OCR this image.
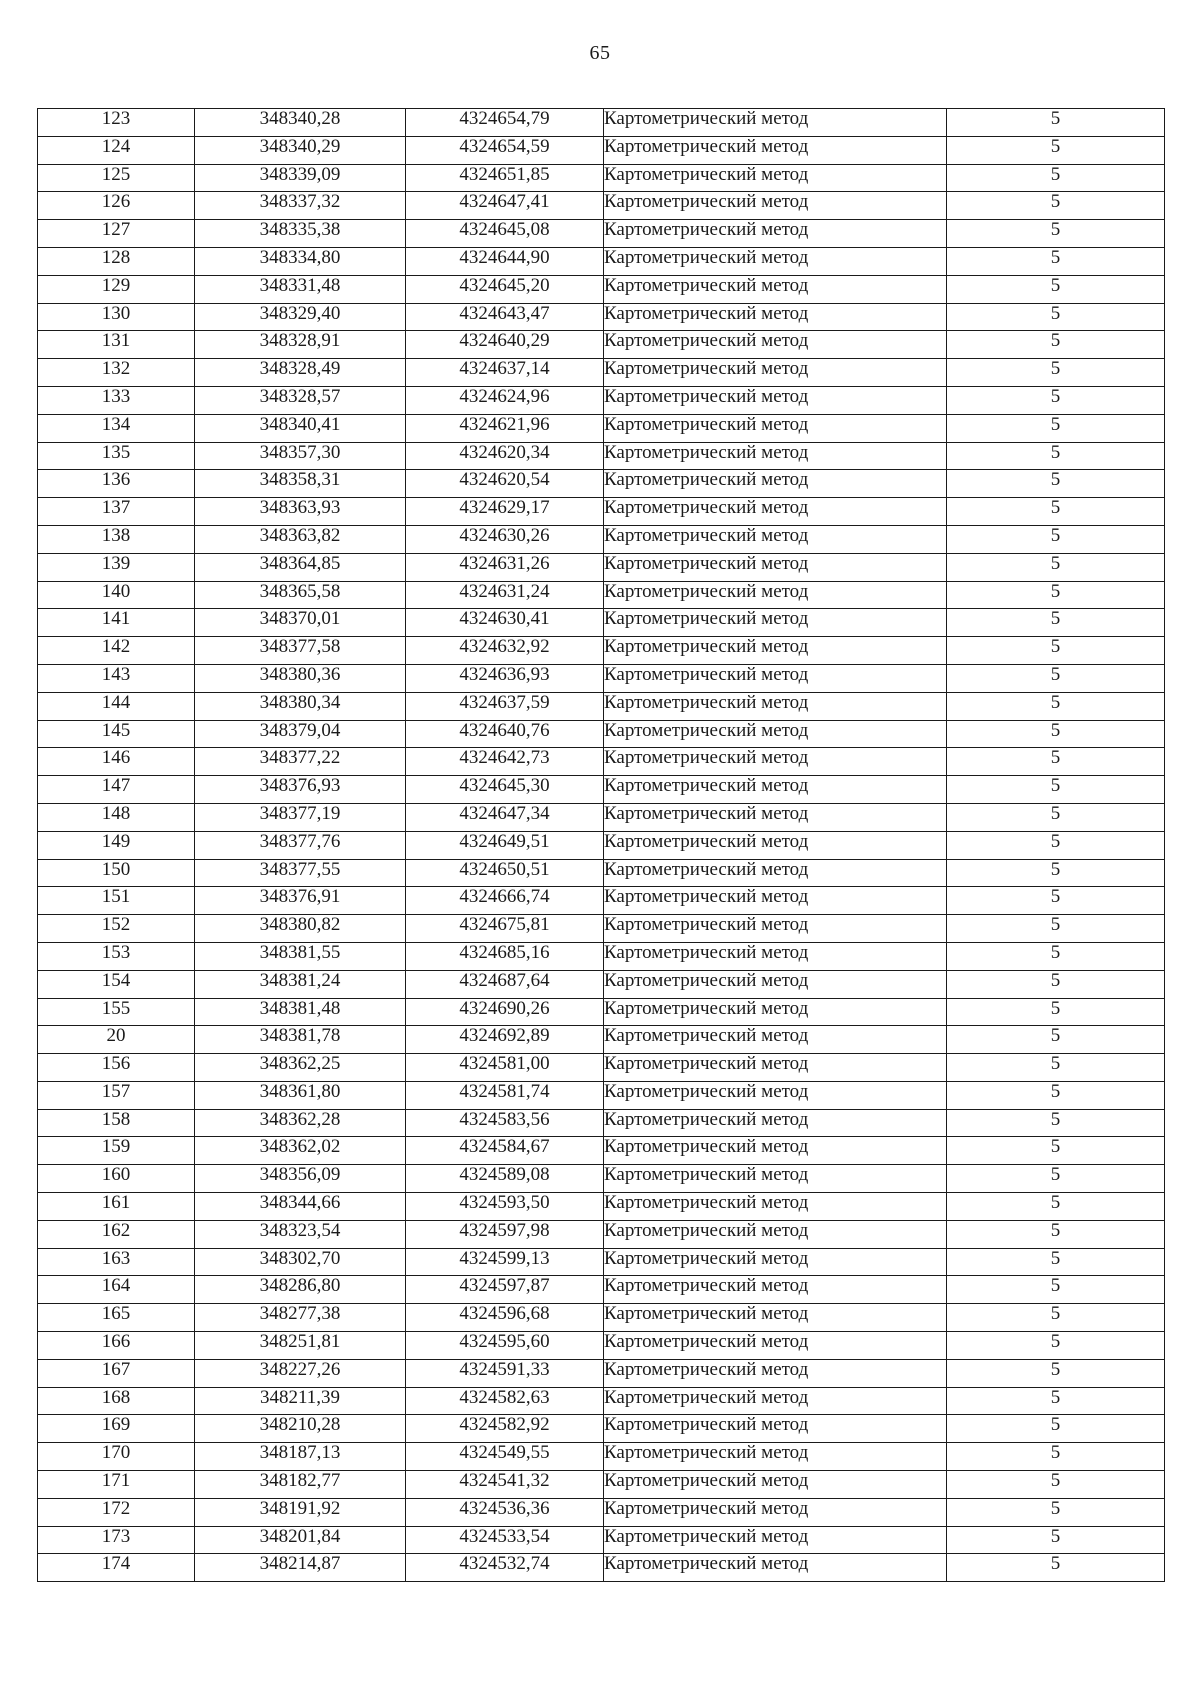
65
123	348340,28	4324654,79	Картометрический метод	5
124	348340,29	4324654,59	Картометрический метод	5
125	348339,09	4324651,85	Картометрический метод	5
126	348337,32	4324647,41	Картометрический метод	5
127	348335,38	4324645,08	Картометрический метод	5
128	348334,80	4324644,90	Картометрический метод	5
129	348331,48	4324645,20	Картометрический метод	5
130	348329,40	4324643,47	Картометрический метод	5
131	348328,91	4324640,29	Картометрический метод	5
132	348328,49	4324637,14	Картометрический метод	5
133	348328,57	4324624,96	Картометрический метод	5
134	348340,41	4324621,96	Картометрический метод	5
135	348357,30	4324620,34	Картометрический метод	5
136	348358,31	4324620,54	Картометрический метод	5
137	348363,93	4324629,17	Картометрический метод	5
138	348363,82	4324630,26	Картометрический метод	5
139	348364,85	4324631,26	Картометрический метод	5
140	348365,58	4324631,24	Картометрический метод	5
141	348370,01	4324630,41	Картометрический метод	5
142	348377,58	4324632,92	Картометрический метод	5
143	348380,36	4324636,93	Картометрический метод	5
144	348380,34	4324637,59	Картометрический метод	5
145	348379,04	4324640,76	Картометрический метод	5
146	348377,22	4324642,73	Картометрический метод	5
147	348376,93	4324645,30	Картометрический метод	5
148	348377,19	4324647,34	Картометрический метод	5
149	348377,76	4324649,51	Картометрический метод	5
150	348377,55	4324650,51	Картометрический метод	5
151	348376,91	4324666,74	Картометрический метод	5
152	348380,82	4324675,81	Картометрический метод	5
153	348381,55	4324685,16	Картометрический метод	5
154	348381,24	4324687,64	Картометрический метод	5
155	348381,48	4324690,26	Картометрический метод	5
20	348381,78	4324692,89	Картометрический метод	5
156	348362,25	4324581,00	Картометрический метод	5
157	348361,80	4324581,74	Картометрический метод	5
158	348362,28	4324583,56	Картометрический метод	5
159	348362,02	4324584,67	Картометрический метод	5
160	348356,09	4324589,08	Картометрический метод	5
161	348344,66	4324593,50	Картометрический метод	5
162	348323,54	4324597,98	Картометрический метод	5
163	348302,70	4324599,13	Картометрический метод	5
164	348286,80	4324597,87	Картометрический метод	5
165	348277,38	4324596,68	Картометрический метод	5
166	348251,81	4324595,60	Картометрический метод	5
167	348227,26	4324591,33	Картометрический метод	5
168	348211,39	4324582,63	Картометрический метод	5
169	348210,28	4324582,92	Картометрический метод	5
170	348187,13	4324549,55	Картометрический метод	5
171	348182,77	4324541,32	Картометрический метод	5
172	348191,92	4324536,36	Картометрический метод	5
173	348201,84	4324533,54	Картометрический метод	5
174	348214,87	4324532,74	Картометрический метод	5
